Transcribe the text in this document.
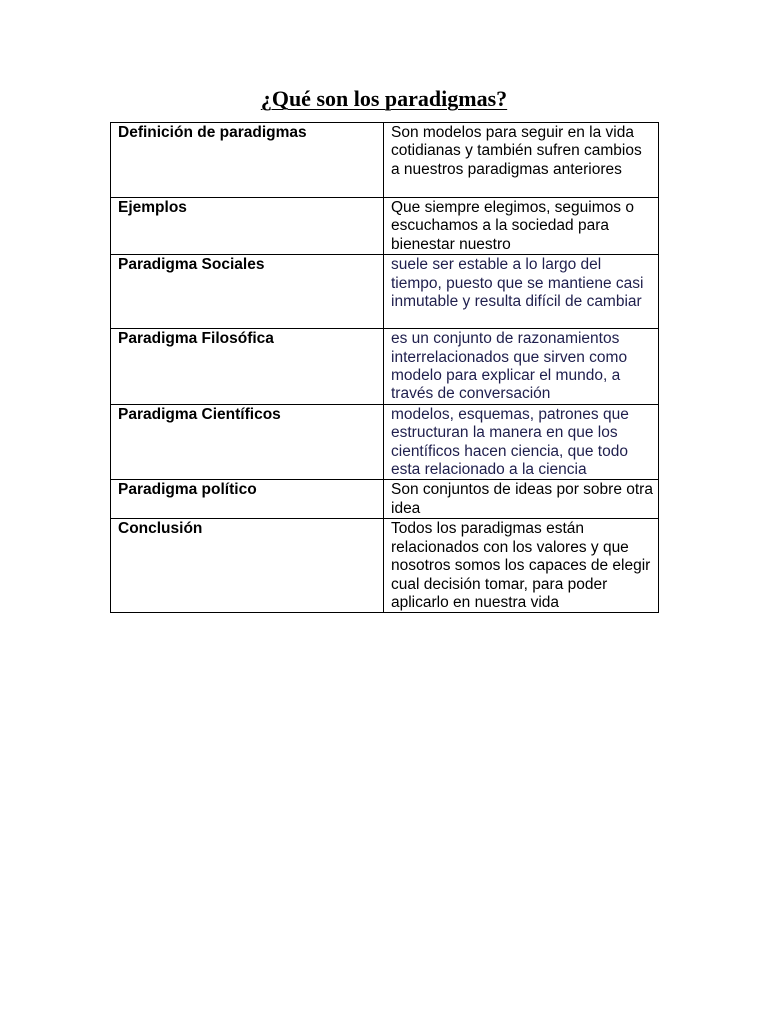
¿Qué son los paradigmas?
Definición de paradigmas	Son modelos para seguir en la vida cotidianas y también sufren cambios a nuestros paradigmas anteriores
Ejemplos	Que siempre elegimos, seguimos o escuchamos a la sociedad para bienestar nuestro
Paradigma Sociales	suele ser estable a lo largo del tiempo, puesto que se mantiene casi inmutable y resulta difícil de cambiar
Paradigma Filosófica	es un conjunto de razonamientos interrelacionados que sirven como modelo para explicar el mundo, a través de conversación
Paradigma Científicos	modelos, esquemas, patrones que estructuran la manera en que los científicos hacen ciencia, que todo esta relacionado a la ciencia
Paradigma político	Son conjuntos de ideas por sobre otra idea
Conclusión	Todos los paradigmas están relacionados con los valores y que nosotros somos los capaces de elegir cual decisión tomar, para poder aplicarlo en nuestra vida
